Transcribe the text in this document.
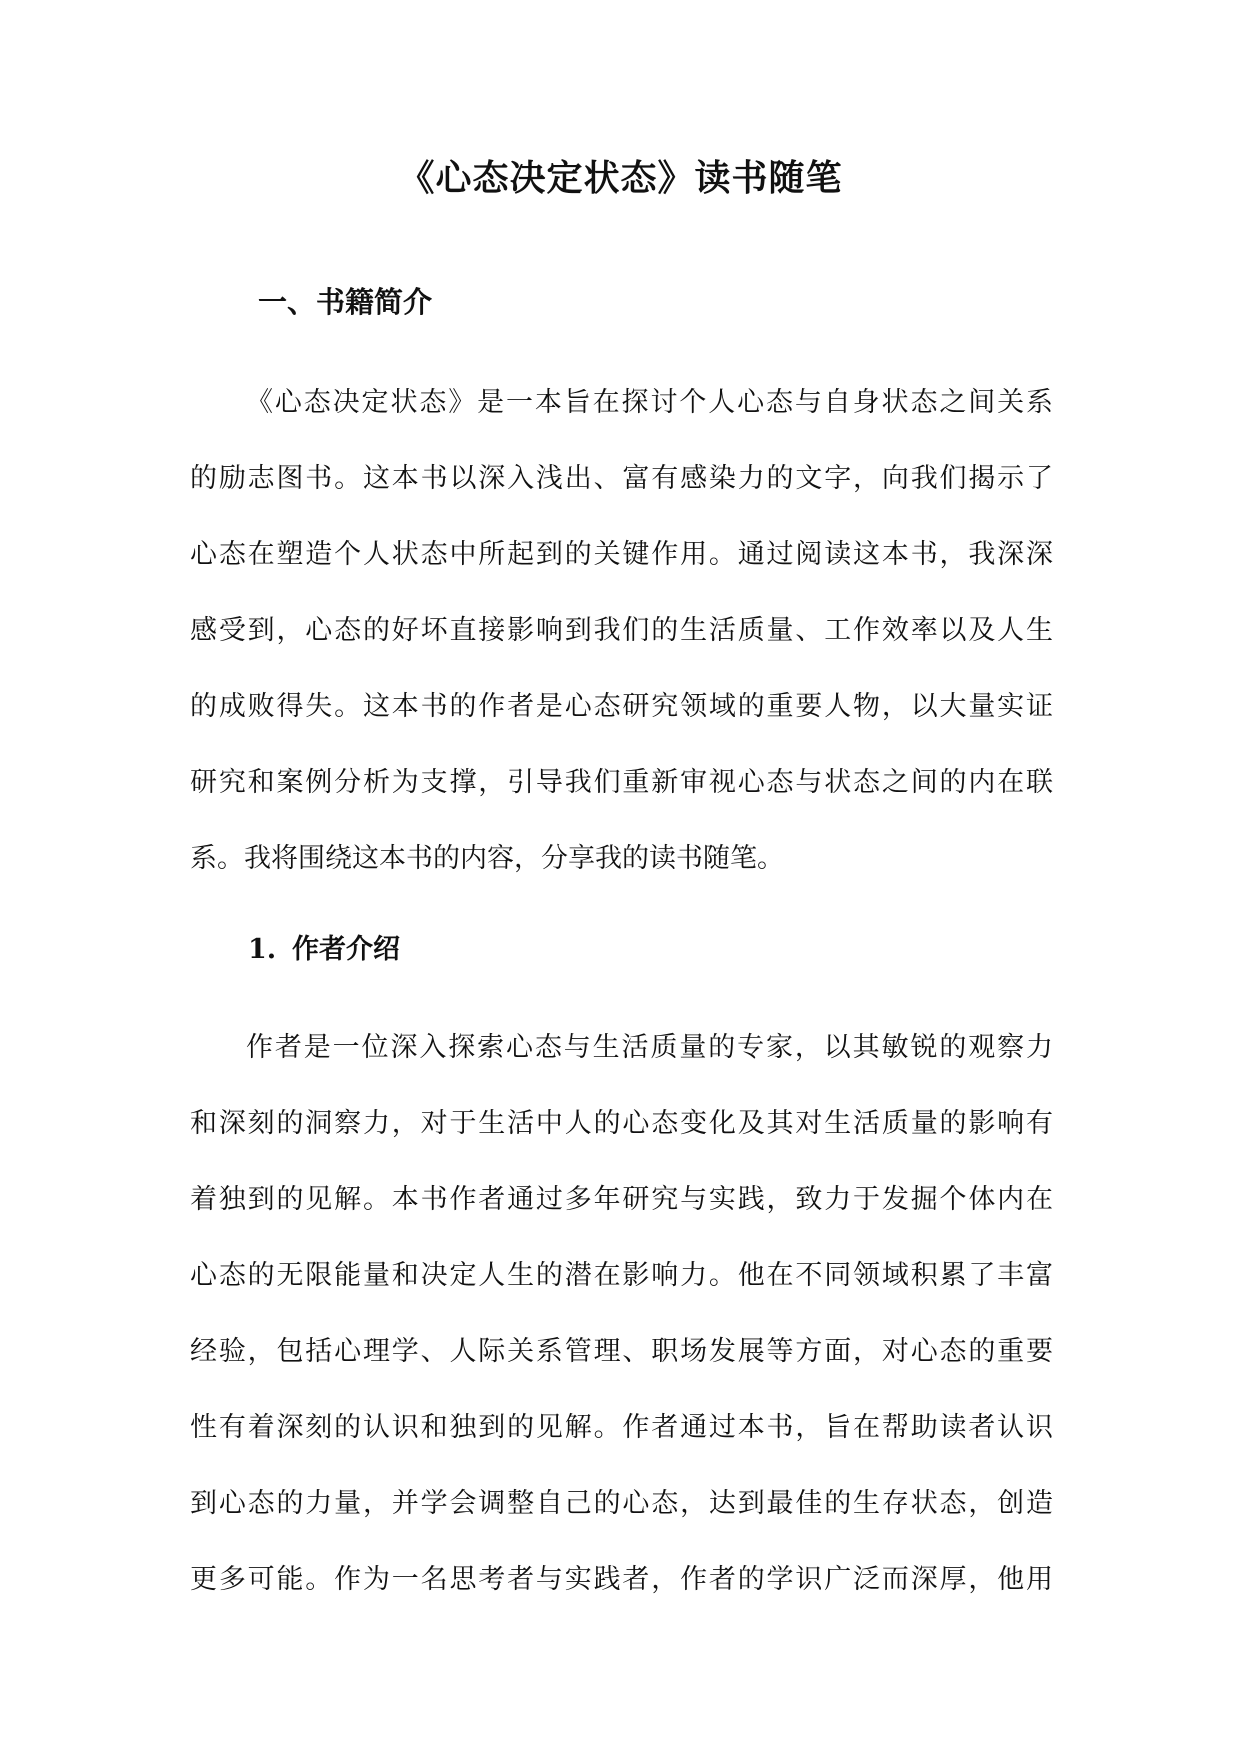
《心态决定状态》读书随笔
一、书籍简介

《心态决定状态》是一本旨在探讨个人心态与自身状态之间关系
的励志图书。这本书以深入浅出、富有感染力的文字，向我们揭示了
心态在塑造个人状态中所起到的关键作用。通过阅读这本书，我深深
感受到，心态的好坏直接影响到我们的生活质量、工作效率以及人生
的成败得失。这本书的作者是心态研究领域的重要人物，以大量实证
研究和案例分析为支撑，引导我们重新审视心态与状态之间的内在联
系。我将围绕这本书的内容，分享我的读书随笔。

1. 作者介绍

作者是一位深入探索心态与生活质量的专家，以其敏锐的观察力
和深刻的洞察力，对于生活中人的心态变化及其对生活质量的影响有
着独到的见解。本书作者通过多年研究与实践，致力于发掘个体内在
心态的无限能量和决定人生的潜在影响力。他在不同领域积累了丰富
经验，包括心理学、人际关系管理、职场发展等方面，对心态的重要
性有着深刻的认识和独到的见解。作者通过本书，旨在帮助读者认识
到心态的力量，并学会调整自己的心态，达到最佳的生存状态，创造
更多可能。作为一名思考者与实践者，作者的学识广泛而深厚，他用
